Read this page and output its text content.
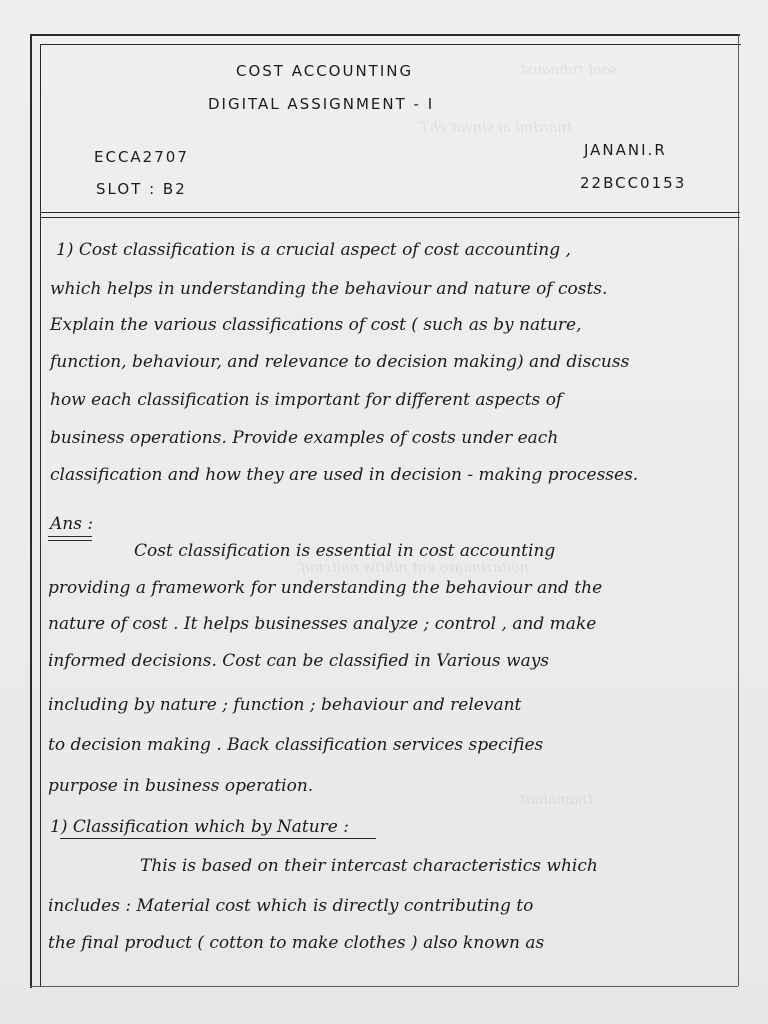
soul ruhnaust
tnardmi ai sinvat ehT
noitazinagro ent nihtiw noitcnuf
tnamataat
COST ACCOUNTING
DIGITAL ASSIGNMENT - I
ECCA2707
SLOT : B2
JANANI.R
22BCC0153
1) Cost classification is a crucial aspect of cost accounting ,
which helps in understanding the behaviour and nature of costs.
Explain the various classifications of cost ( such as by nature,
function, behaviour, and relevance to decision making) and discuss
how each classification is important for different aspects of
business operations. Provide examples of costs under each
classification and how they are used in decision - making processes.
Ans :
Cost classification is essential in cost accounting
providing a framework for understanding the behaviour and the
nature of cost . It helps businesses analyze ; control , and make
informed decisions. Cost can be classified in Various ways
including by nature ; function ; behaviour and relevant
to decision making . Back classification services specifies
purpose in business operation.
1) Classification which by Nature :
This is based on their intercast characteristics which
includes : Material cost which is directly contributing to
the final product ( cotton to make clothes ) also known as
